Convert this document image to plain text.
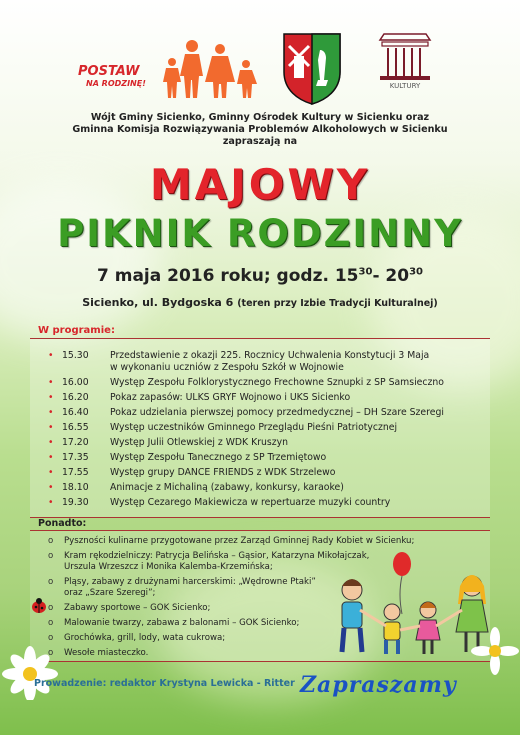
POSTAW
NA RODZINĘ!	KULTURY
Wójt Gminy Sicienko, Gminny Ośrodek Kultury w Sicienku oraz
Gminna Komisja Rozwiązywania Problemów Alkoholowych w Sicienku
zapraszają na
MAJOWY
PIKNIK RODZINNY
7 maja 2016 roku; godz. $15^{30}-$ $20^{30}$
Sicienko, ul. Bydgoska 6 (teren przy Izbie Tradycji Kulturalnej)
W programie:
• 15.30	Przedstawienie z okazji 225. Rocznicy Uchwalenia Konstytucji 3 Maja
w wykonaniu uczniów z Zespołu Szkół w Wojnowie
• 16.00	Występ Zespołu Folklorystycznego Frechowne Sznupki z SP Samsieczno
• 16.20	Pokaz zapasów: ULKS GRYF Wojnowo i UKS Sicienko
• 16.40	Pokaz udzielania pierwszej pomocy przedmedycznej – DH Szare Szeregi
• 16.55	Występ uczestników Gminnego Przeglądu Pieśni Patriotycznej
• 17.20	Występ Julii Otlewskiej z WDK Kruszyn
• 17.35	Występ Zespołu Tanecznego z SP Trzemiętowo
• 17.55	Występ grupy DANCE FRIENDS z WDK Strzelewo
• 18.10	Animacje z Michaliną (zabawy, konkursy, karaoke)
• 19.30	Występ Cezarego Makiewicza w repertuarze muzyki country
Ponadto:
o Pyszności kulinarne przygotowane przez Zarząd Gminnej Rady Kobiet w Sicienku;
o Kram rękodzielniczy: Patrycja Belińska – Gąsior, Katarzyna Mikołajczak,
Urszula Wrzeszcz i Monika Kalemba-Krzemińska;
o Pląsy, zabawy z drużynami harcerskimi: „Wędrowne Ptaki”
oraz „Szare Szeregi”;
o Zabawy sportowe – GOK Sicienko;
o Malowanie twarzy, zabawa z balonami – GOK Sicienko;
o Grochówka, grill, lody, wata cukrowa;
o Wesołe miasteczko.
Prowadzenie: redaktor Krystyna Lewicka - Ritter Zapraszamy
